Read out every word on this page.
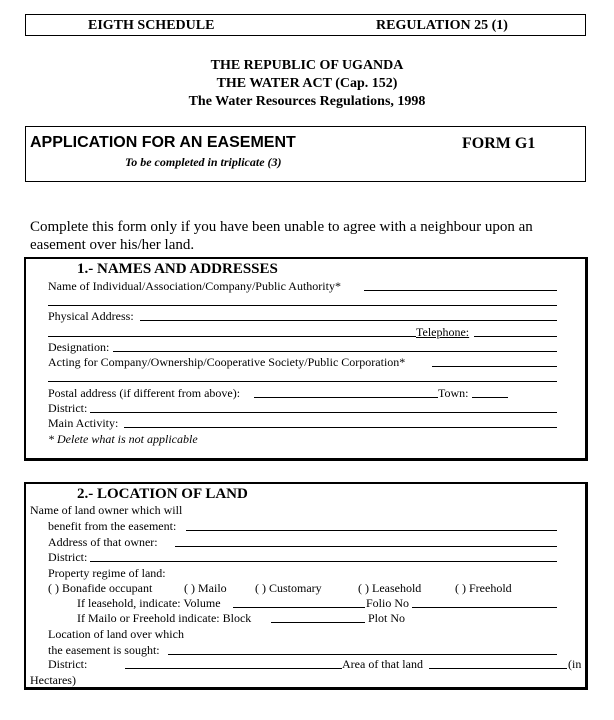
EIGTH SCHEDULE	REGULATION 25 (1)
THE REPUBLIC OF UGANDA
THE WATER ACT (Cap. 152)
The Water Resources Regulations, 1998
APPLICATION FOR AN EASEMENT	FORM G1
To be completed in triplicate (3)
Complete this form only if you have been unable to agree with a neighbour upon an
easement over his/her land.
1.- NAMES AND ADDRESSES
Name of Individual/Association/Company/Public Authority*
Physical Address:
Telephone:
Designation:
Acting for Company/Ownership/Cooperative Society/Public Corporation*
Postal address (if different from above):	Town:
District:
Main Activity:
* Delete what is not applicable
2.- LOCATION OF LAND
Name of land owner which will
benefit from the easement:
Address of that owner:
District:
Property regime of land:
( ) Bonafide occupant	( ) Mailo ( ) Customary	( ) Leasehold	( ) Freehold
If leasehold, indicate: Volume	Folio No
If Mailo or Freehold indicate: Block	Plot No
Location of land over which
the easement is sought:
District:	Area of that land	(in
Hectares)
